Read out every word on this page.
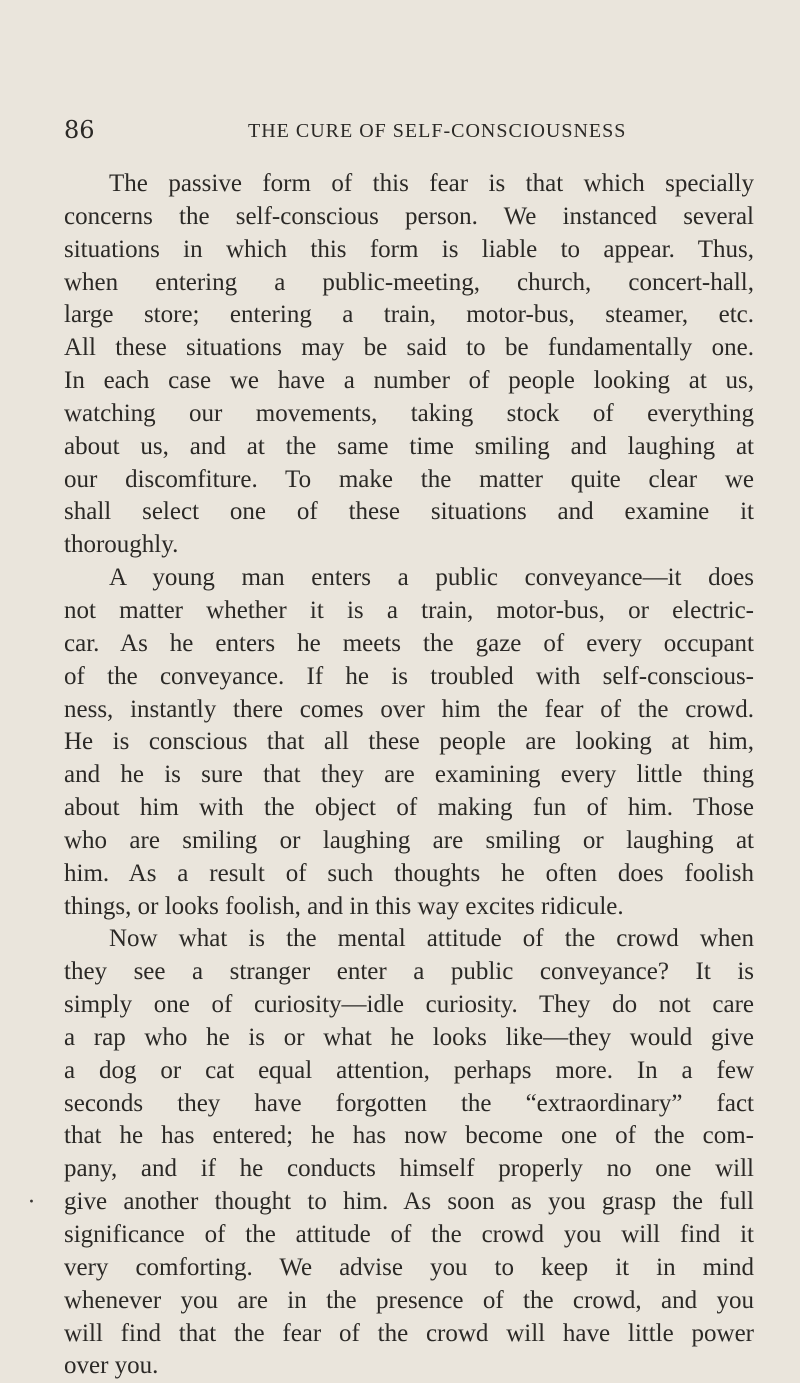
86	THE CURE OF SELF-CONSCIOUSNESS
The passive form of this fear is that which specially
concerns the self-conscious person. We instanced several
situations in which this form is liable to appear. Thus,
when entering a public-meeting, church, concert-hall,
large store; entering a train, motor-bus, steamer, etc.
All these situations may be said to be fundamentally one.
In each case we have a number of people looking at us,
watching our movements, taking stock of everything
about us, and at the same time smiling and laughing at
our discomfiture. To make the matter quite clear we
shall select one of these situations and examine it
thoroughly.
A young man enters a public conveyance—it does
not matter whether it is a train, motor-bus, or electric-
car. As he enters he meets the gaze of every occupant
of the conveyance. If he is troubled with self-conscious-
ness, instantly there comes over him the fear of the crowd.
He is conscious that all these people are looking at him,
and he is sure that they are examining every little thing
about him with the object of making fun of him. Those
who are smiling or laughing are smiling or laughing at
him. As a result of such thoughts he often does foolish
things, or looks foolish, and in this way excites ridicule.
Now what is the mental attitude of the crowd when
they see a stranger enter a public conveyance? It is
simply one of curiosity—idle curiosity. They do not care
a rap who he is or what he looks like—they would give
a dog or cat equal attention, perhaps more. In a few
seconds they have forgotten the “extraordinary” fact
that he has entered; he has now become one of the com-
pany, and if he conducts himself properly no one will
give another thought to him. As soon as you grasp the full
significance of the attitude of the crowd you will find it
very comforting. We advise you to keep it in mind
whenever you are in the presence of the crowd, and you
will find that the fear of the crowd will have little power
over you.
·
